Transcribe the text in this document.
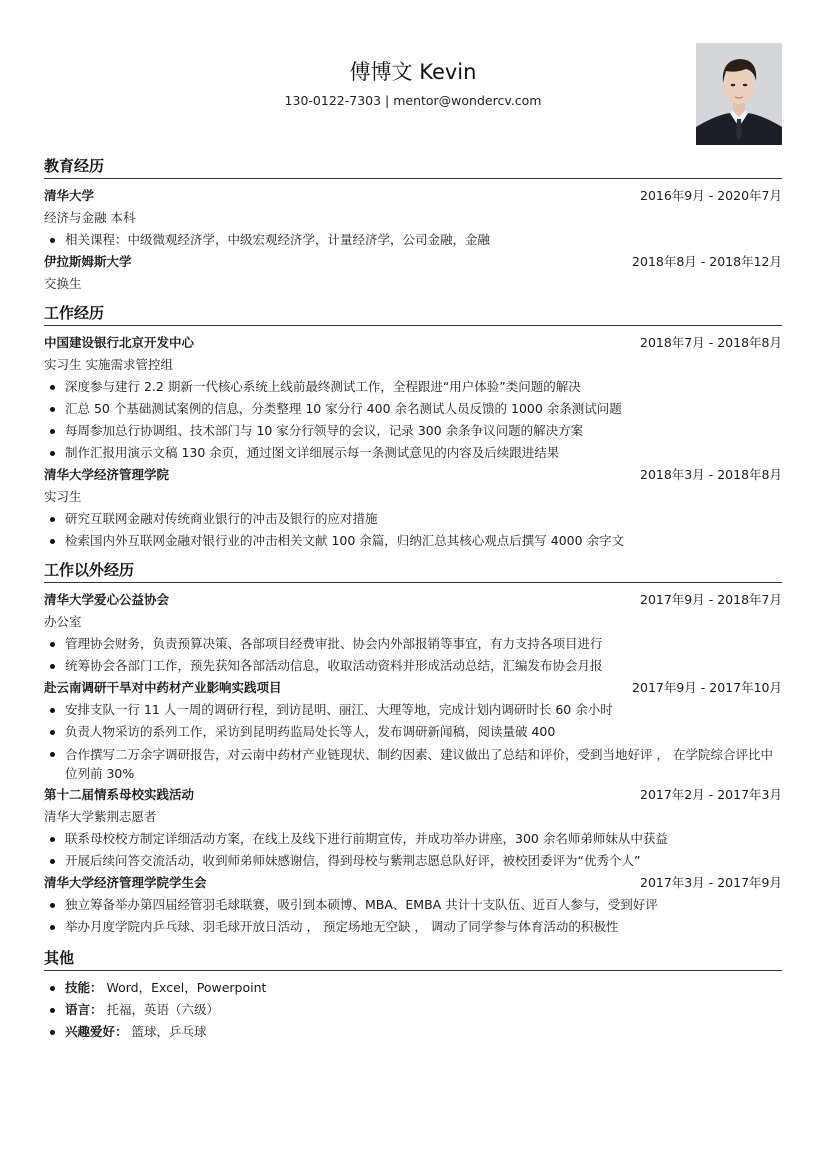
傅博文 Kevin
130-0122-7303 | mentor@wondercv.com
教育经历
清华大学	2016年9月 - 2020年7月
经济与金融 本科
相关课程：中级微观经济学，中级宏观经济学，计量经济学，公司金融，金融
伊拉斯姆斯大学	2018年8月 - 2018年12月
交换生
工作经历
中国建设银行北京开发中心	2018年7月 - 2018年8月
实习生 实施需求管控组
深度参与建行 2.2 期新一代核心系统上线前最终测试工作，全程跟进“用户体验”类问题的解决
汇总 50 个基础测试案例的信息，分类整理 10 家分行 400 余名测试人员反馈的 1000 余条测试问题
每周参加总行协调组、技术部门与 10 家分行领导的会议，记录 300 余条争议问题的解决方案
制作汇报用演示文稿 130 余页，通过图文详细展示每一条测试意见的内容及后续跟进结果
清华大学经济管理学院	2018年3月 - 2018年8月
实习生
研究互联网金融对传统商业银行的冲击及银行的应对措施
检索国内外互联网金融对银行业的冲击相关文献 100 余篇，归纳汇总其核心观点后撰写 4000 余字文
工作以外经历
清华大学爱心公益协会	2017年9月 - 2018年7月
办公室
管理协会财务，负责预算决策、各部项目经费审批、协会内外部报销等事宜，有力支持各项目进行
统筹协会各部门工作，预先获知各部活动信息，收取活动资料并形成活动总结，汇编发布协会月报
赴云南调研干旱对中药材产业影响实践项目	2017年9月 - 2017年10月
安排支队一行 11 人一周的调研行程，到访昆明、丽江、大理等地，完成计划内调研时长 60 余小时
负责人物采访的系列工作，采访到昆明药监局处长等人，发布调研新闻稿，阅读量破 400
合作撰写二万余字调研报告，对云南中药材产业链现状、制约因素、建议做出了总结和评价，受到当地好评 ， 在学院综合评比中位列前 30%
第十二届情系母校实践活动	2017年2月 - 2017年3月
清华大学紫荆志愿者
联系母校校方制定详细活动方案，在线上及线下进行前期宣传，并成功举办讲座，300 余名师弟师妹从中获益
开展后续问答交流活动，收到师弟师妹感谢信，得到母校与紫荆志愿总队好评，被校团委评为“优秀个人”
清华大学经济管理学院学生会	2017年3月 - 2017年9月
独立筹备举办第四届经管羽毛球联赛，吸引到本硕博、MBA、EMBA 共计十支队伍、近百人参与，受到好评
举办月度学院内乒乓球、羽毛球开放日活动 ， 预定场地无空缺 ， 调动了同学参与体育活动的积极性
其他
技能： Word，Excel，Powerpoint
语言： 托福，英语（六级）
兴趣爱好： 篮球，乒乓球
